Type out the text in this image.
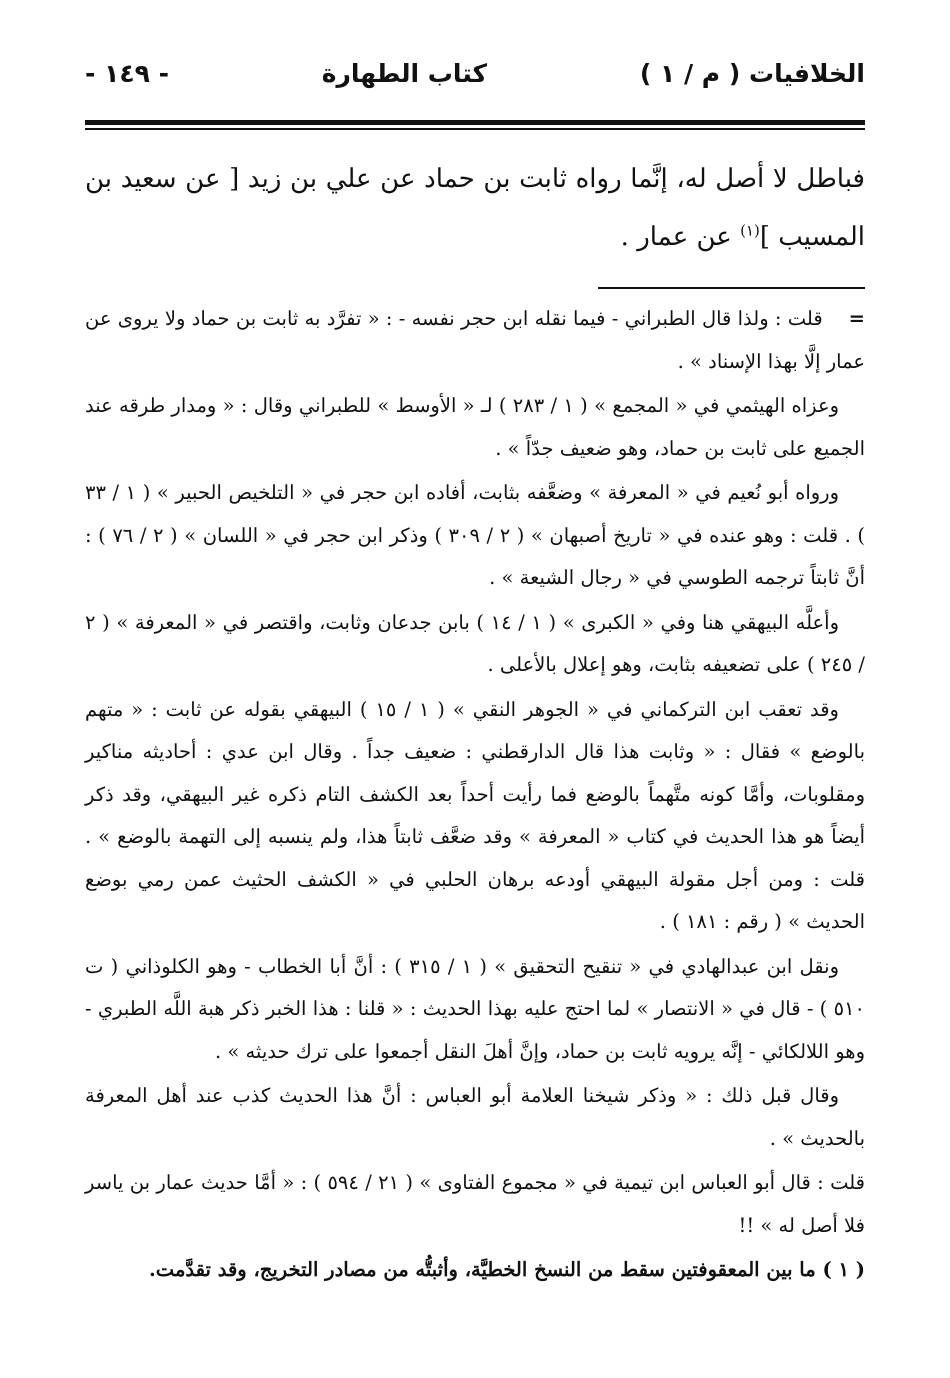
الخلافيات ( م / ١ )
كتاب الطهارة
- ١٤٩ -

فباطل لا أصل له، إنَّما رواه ثابت بن حماد عن علي بن زيد [ عن سعيد بن المسيب ]$^{(١)}$ عن عمار .

=قلت : ولذا قال الطبراني - فيما نقله ابن حجر نفسه - : « تفرَّد به ثابت بن حماد ولا يروى عن عمار إلَّا بهذا الإسناد » .

وعزاه الهيثمي في « المجمع » ( ١ / ٢٨٣ ) لـ « الأوسط » للطبراني وقال : « ومدار طرقه عند الجميع على ثابت بن حماد، وهو ضعيف جدّاً » .

ورواه أبو نُعيم في « المعرفة » وضعَّفه بثابت، أفاده ابن حجر في « التلخيص الحبير » ( ١ / ٣٣ ) . قلت : وهو عنده في « تاريخ أصبهان » ( ٢ / ٣٠٩ ) وذكر ابن حجر في « اللسان » ( ٢ / ٧٦ ) : أنَّ ثابتاً ترجمه الطوسي في « رجال الشيعة » .

وأعلَّه البيهقي هنا وفي « الكبرى » ( ١ / ١٤ ) بابن جدعان وثابت، واقتصر في « المعرفة » ( ٢ / ٢٤٥ ) على تضعيفه بثابت، وهو إعلال بالأعلى .

وقد تعقب ابن التركماني في « الجوهر النقي » ( ١ / ١٥ ) البيهقي بقوله عن ثابت : « متهم بالوضع » فقال : « وثابت هذا قال الدارقطني : ضعيف جداً . وقال ابن عدي : أحاديثه مناكير ومقلوبات، وأمَّا كونه متَّهماً بالوضع فما رأيت أحداً بعد الكشف التام ذكره غير البيهقي، وقد ذكر أيضاً هو هذا الحديث في كتاب « المعرفة » وقد ضعَّف ثابتاً هذا، ولم ينسبه إلى التهمة بالوضع » . قلت : ومن أجل مقولة البيهقي أودعه برهان الحلبي في « الكشف الحثيث عمن رمي بوضع الحديث » ( رقم : ١٨١ ) .

ونقل ابن عبدالهادي في « تنقيح التحقيق » ( ١ / ٣١٥ ) : أنَّ أبا الخطاب - وهو الكلوذاني ( ت ٥١٠ ) - قال في « الانتصار » لما احتج عليه بهذا الحديث : « قلنا : هذا الخبر ذكر هبة اللَّه الطبري - وهو اللالكائي - إنَّه يرويه ثابت بن حماد، وإنَّ أهلَ النقل أجمعوا على ترك حديثه » .

وقال قبل ذلك : « وذكر شيخنا العلامة أبو العباس : أنَّ هذا الحديث كذب عند أهل المعرفة بالحديث » .

قلت : قال أبو العباس ابن تيمية في « مجموع الفتاوى » ( ٢١ / ٥٩٤ ) : « أمَّا حديث عمار بن ياسر فلا أصل له » !!

( ١ ) ما بين المعقوفتين سقط من النسخ الخطيَّة، وأثبتُّه من مصادر التخريج، وقد تقدَّمت.
